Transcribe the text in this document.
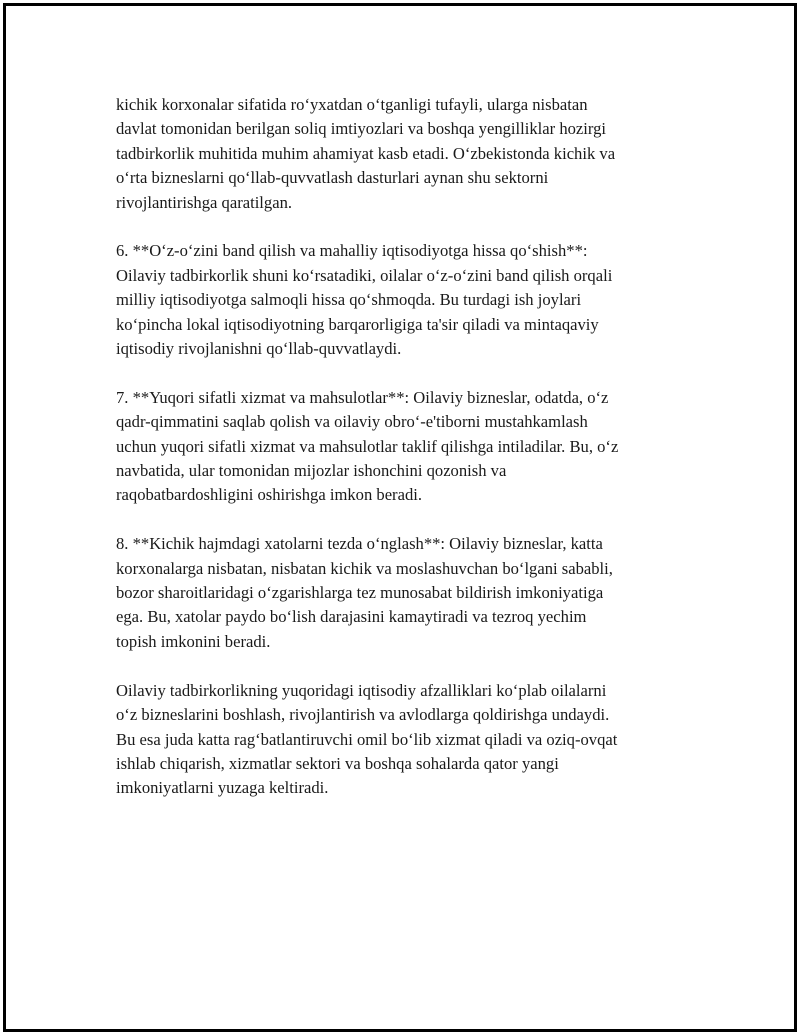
kichik korxonalar sifatida roʻyxatdan oʻtganligi tufayli, ularga nisbatan
davlat tomonidan berilgan soliq imtiyozlari va boshqa yengilliklar hozirgi
tadbirkorlik muhitida muhim ahamiyat kasb etadi. Oʻzbekistonda kichik va
oʻrta bizneslarni qoʻllab-quvvatlash dasturlari aynan shu sektorni
rivojlantirishga qaratilgan.

6. **Oʻz-oʻzini band qilish va mahalliy iqtisodiyotga hissa qoʻshish**:
Oilaviy tadbirkorlik shuni koʻrsatadiki, oilalar oʻz-oʻzini band qilish orqali
milliy iqtisodiyotga salmoqli hissa qoʻshmoqda. Bu turdagi ish joylari
koʻpincha lokal iqtisodiyotning barqarorligiga ta'sir qiladi va mintaqaviy
iqtisodiy rivojlanishni qoʻllab-quvvatlaydi.

7. **Yuqori sifatli xizmat va mahsulotlar**: Oilaviy bizneslar, odatda, oʻz
qadr-qimmatini saqlab qolish va oilaviy obroʻ-e'tiborni mustahkamlash
uchun yuqori sifatli xizmat va mahsulotlar taklif qilishga intiladilar. Bu, oʻz
navbatida, ular tomonidan mijozlar ishonchini qozonish va
raqobatbardoshligini oshirishga imkon beradi.

8. **Kichik hajmdagi xatolarni tezda oʻnglash**: Oilaviy bizneslar, katta
korxonalarga nisbatan, nisbatan kichik va moslashuvchan boʻlgani sababli,
bozor sharoitlaridagi oʻzgarishlarga tez munosabat bildirish imkoniyatiga
ega. Bu, xatolar paydo boʻlish darajasini kamaytiradi va tezroq yechim
topish imkonini beradi.

Oilaviy tadbirkorlikning yuqoridagi iqtisodiy afzalliklari koʻplab oilalarni
oʻz bizneslarini boshlash, rivojlantirish va avlodlarga qoldirishga undaydi.
Bu esa juda katta ragʻbatlantiruvchi omil boʻlib xizmat qiladi va oziq-ovqat
ishlab chiqarish, xizmatlar sektori va boshqa sohalarda qator yangi
imkoniyatlarni yuzaga keltiradi.
